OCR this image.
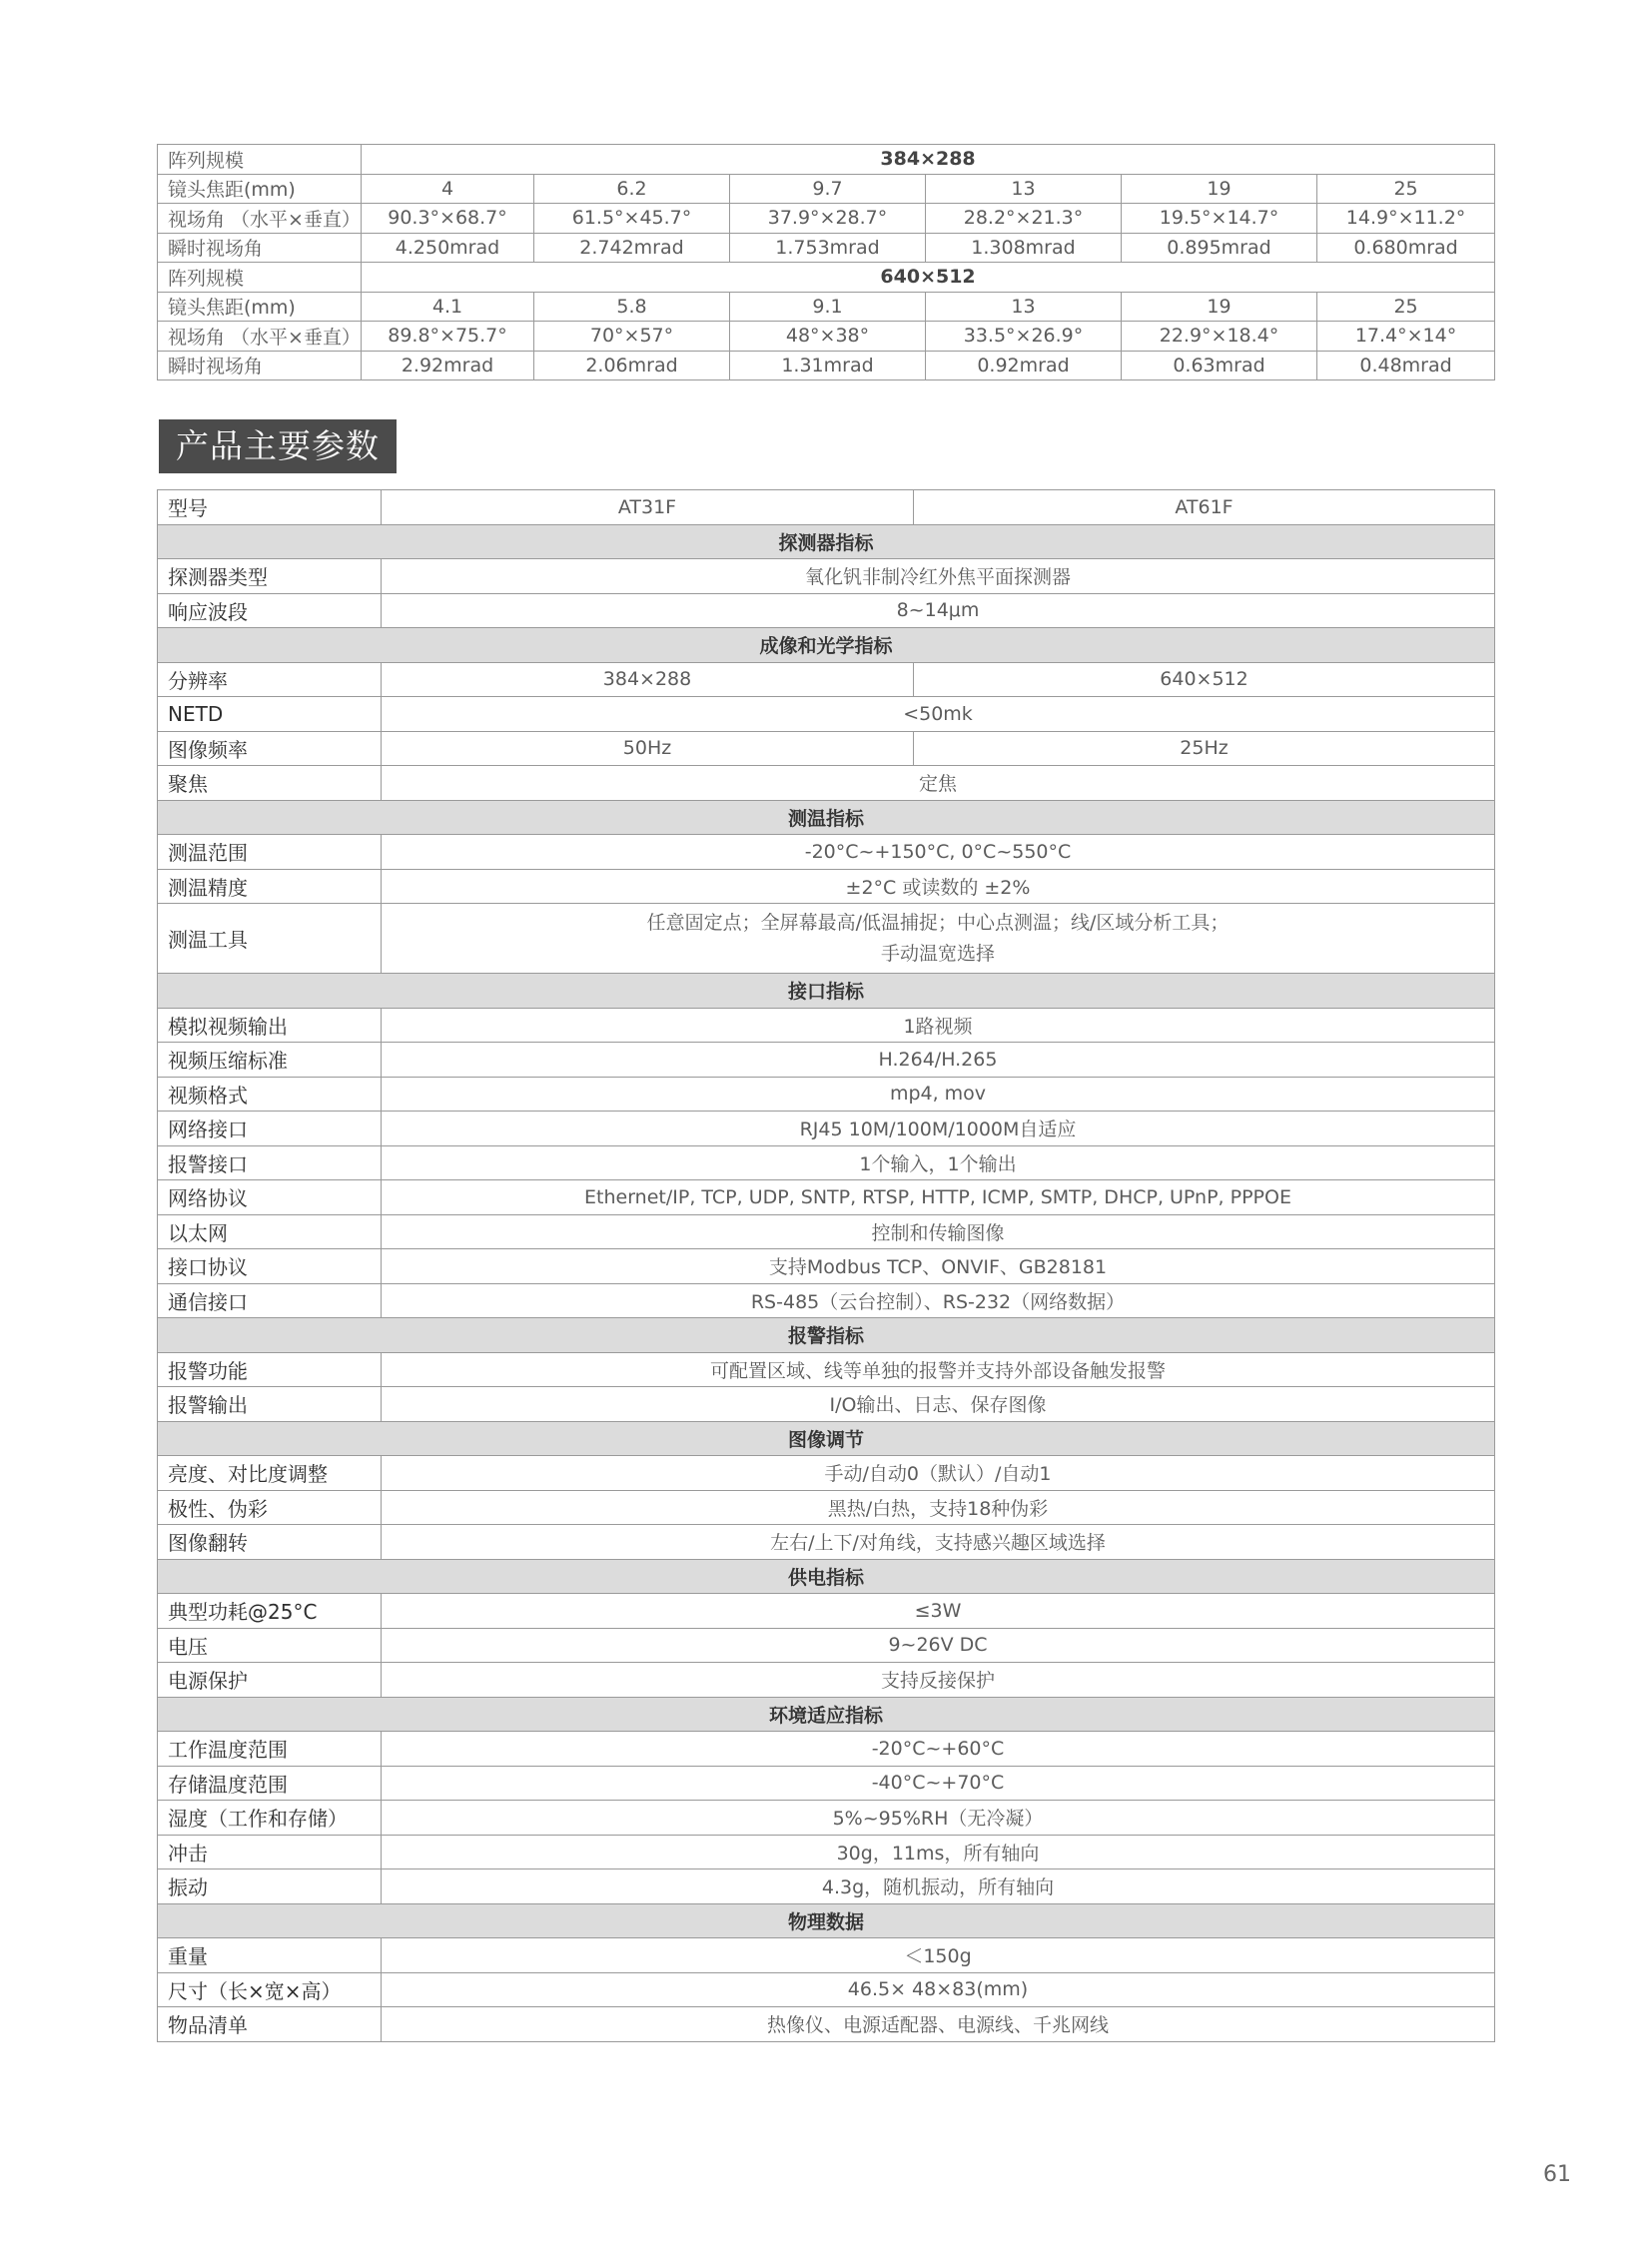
阵列规模	384×288					
镜头焦距(mm)	4	6.2	9.7	13	19	25
视场角 （水平×垂直）	90.3°×68.7°	61.5°×45.7°	37.9°×28.7°	28.2°×21.3°	19.5°×14.7°	14.9°×11.2°
瞬时视场角	4.250mrad	2.742mrad	1.753mrad	1.308mrad	0.895mrad	0.680mrad
阵列规模	640×512					
镜头焦距(mm)	4.1	5.8	9.1	13	19	25
视场角 （水平×垂直）	89.8°×75.7°	70°×57°	48°×38°	33.5°×26.9°	22.9°×18.4°	17.4°×14°
瞬时视场角	2.92mrad	2.06mrad	1.31mrad	0.92mrad	0.63mrad	0.48mrad
产品主要参数
型号	AT31F	AT61F
探测器指标		
探测器类型	氧化钒非制冷红外焦平面探测器	
响应波段	8~14μm	
成像和光学指标		
分辨率	384×288	640×512
NETD	<50mk	
图像频率	50Hz	25Hz
聚焦	定焦	
测温指标		
测温范围	-20°C~+150°C, 0°C~550°C	
测温精度	±2°C 或读数的 ±2%	
测温工具	任意固定点；全屏幕最高/低温捕捉；中心点测温；线/区域分析工具；
手动温宽选择	

接口指标		
模拟视频输出	1路视频	
视频压缩标准	H.264/H.265	
视频格式	mp4, mov	
网络接口	RJ45 10M/100M/1000M自适应	
报警接口	1个输入，1个输出	
网络协议	Ethernet/IP, TCP, UDP, SNTP, RTSP, HTTP, ICMP, SMTP, DHCP, UPnP, PPPOE	
以太网	控制和传输图像	
接口协议	支持Modbus TCP、ONVIF、GB28181	
通信接口	RS-485（云台控制）、RS-232（网络数据）	
报警指标		
报警功能	可配置区域、线等单独的报警并支持外部设备触发报警	
报警输出	I/O输出、日志、保存图像	
图像调节		
亮度、对比度调整	手动/自动0（默认）/自动1	
极性、伪彩	黑热/白热，支持18种伪彩	
图像翻转	左右/上下/对角线，支持感兴趣区域选择	
供电指标		
典型功耗@25°C	≤3W	
电压	9~26V DC	
电源保护	支持反接保护	
环境适应指标		
工作温度范围	-20°C~+60°C	
存储温度范围	-40°C~+70°C	
湿度（工作和存储）	5%~95%RH（无冷凝）	
冲击	30g，11ms，所有轴向	
振动	4.3g，随机振动，所有轴向	
物理数据		
重量	＜150g	
尺寸（长×宽×高）	46.5× 48×83(mm)	
物品清单	热像仪、电源适配器、电源线、千兆网线	
61
